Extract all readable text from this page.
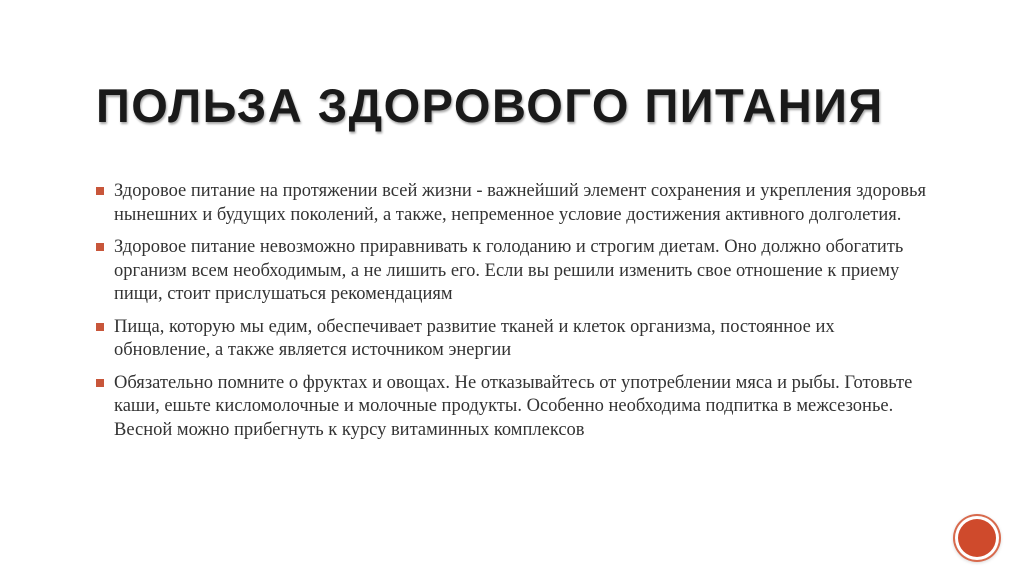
ПОЛЬЗА ЗДОРОВОГО ПИТАНИЯ
Здоровое питание на протяжении всей жизни - важнейший элемент сохранения и укрепления здоровья нынешних и будущих поколений, а также, непременное условие достижения активного долголетия.
Здоровое питание невозможно приравнивать к голоданию и строгим диетам. Оно должно обогатить организм всем необходимым, а не лишить его. Если вы решили изменить свое отношение к приему пищи, стоит прислушаться рекомендациям
Пища, которую мы едим, обеспечивает развитие тканей и клеток организма, постоянное их обновление, а также является источником энергии
Обязательно помните о фруктах и овощах. Не отказывайтесь от употреблении мяса и рыбы. Готовьте каши, ешьте кисломолочные и молочные продукты. Особенно необходима подпитка в межсезонье. Весной можно прибегнуть к курсу витаминных комплексов
